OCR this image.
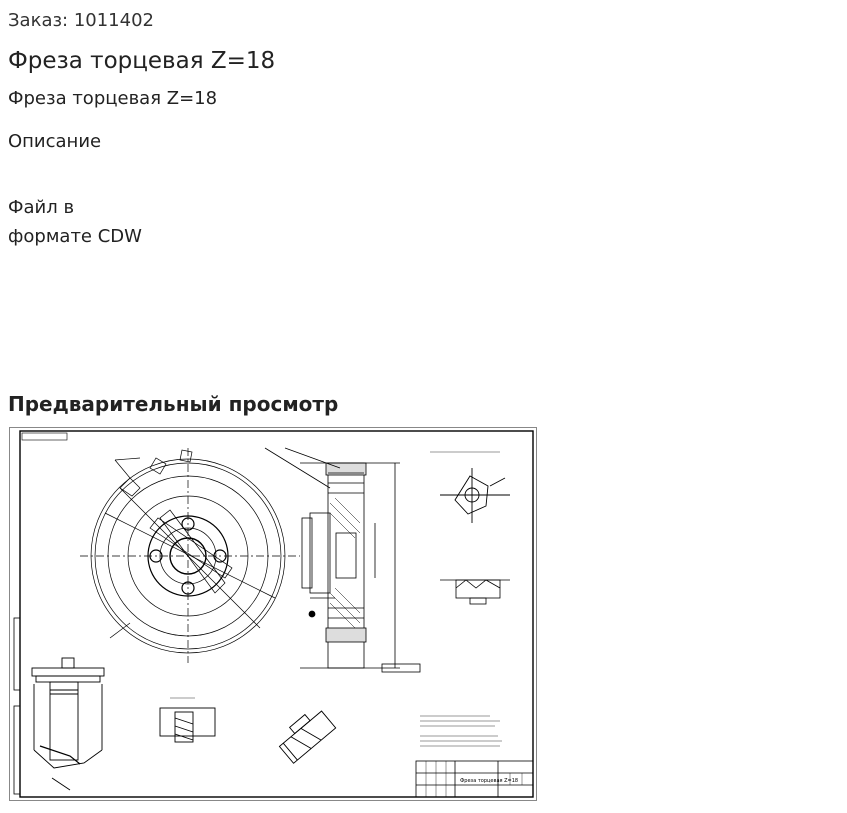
Заказ: 1011402
Фреза торцевая Z=18
Фреза торцевая Z=18
Описание
Файл в
формате CDW
Предварительный просмотр
Фреза торцевая Z=18
